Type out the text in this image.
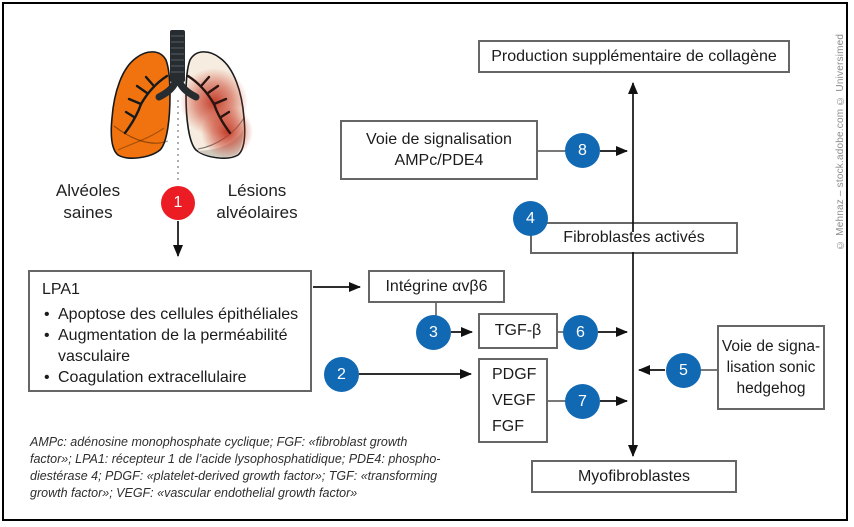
Alvéoles saines
Lésions alvéolaires
LPA1
• Apoptose des cellules épithéliales
• Augmentation de la perméabilité vasculaire
• Coagulation extracellulaire
Intégrine αvβ6
TGF-β
PDGF
VEGF
FGF
Voie de signalisation
AMPc/PDE4
Production supplémentaire de collagène
Fibroblastes activés
Voie de signa-
lisation sonic
hedgehog
Myofibroblastes
1
2
3
4
5
6
7
8
AMPc: adénosine monophosphate cyclique; FGF: «fibroblast growth
factor»; LPA1: récepteur 1 de l’acide lysophosphatidique; PDE4: phospho-
diestérase 4; PDGF: «platelet-derived growth factor»; TGF: «transforming
growth factor»; VEGF: «vascular endothelial growth factor»
© Mehnaz – stock.adobe.com © Universimed
